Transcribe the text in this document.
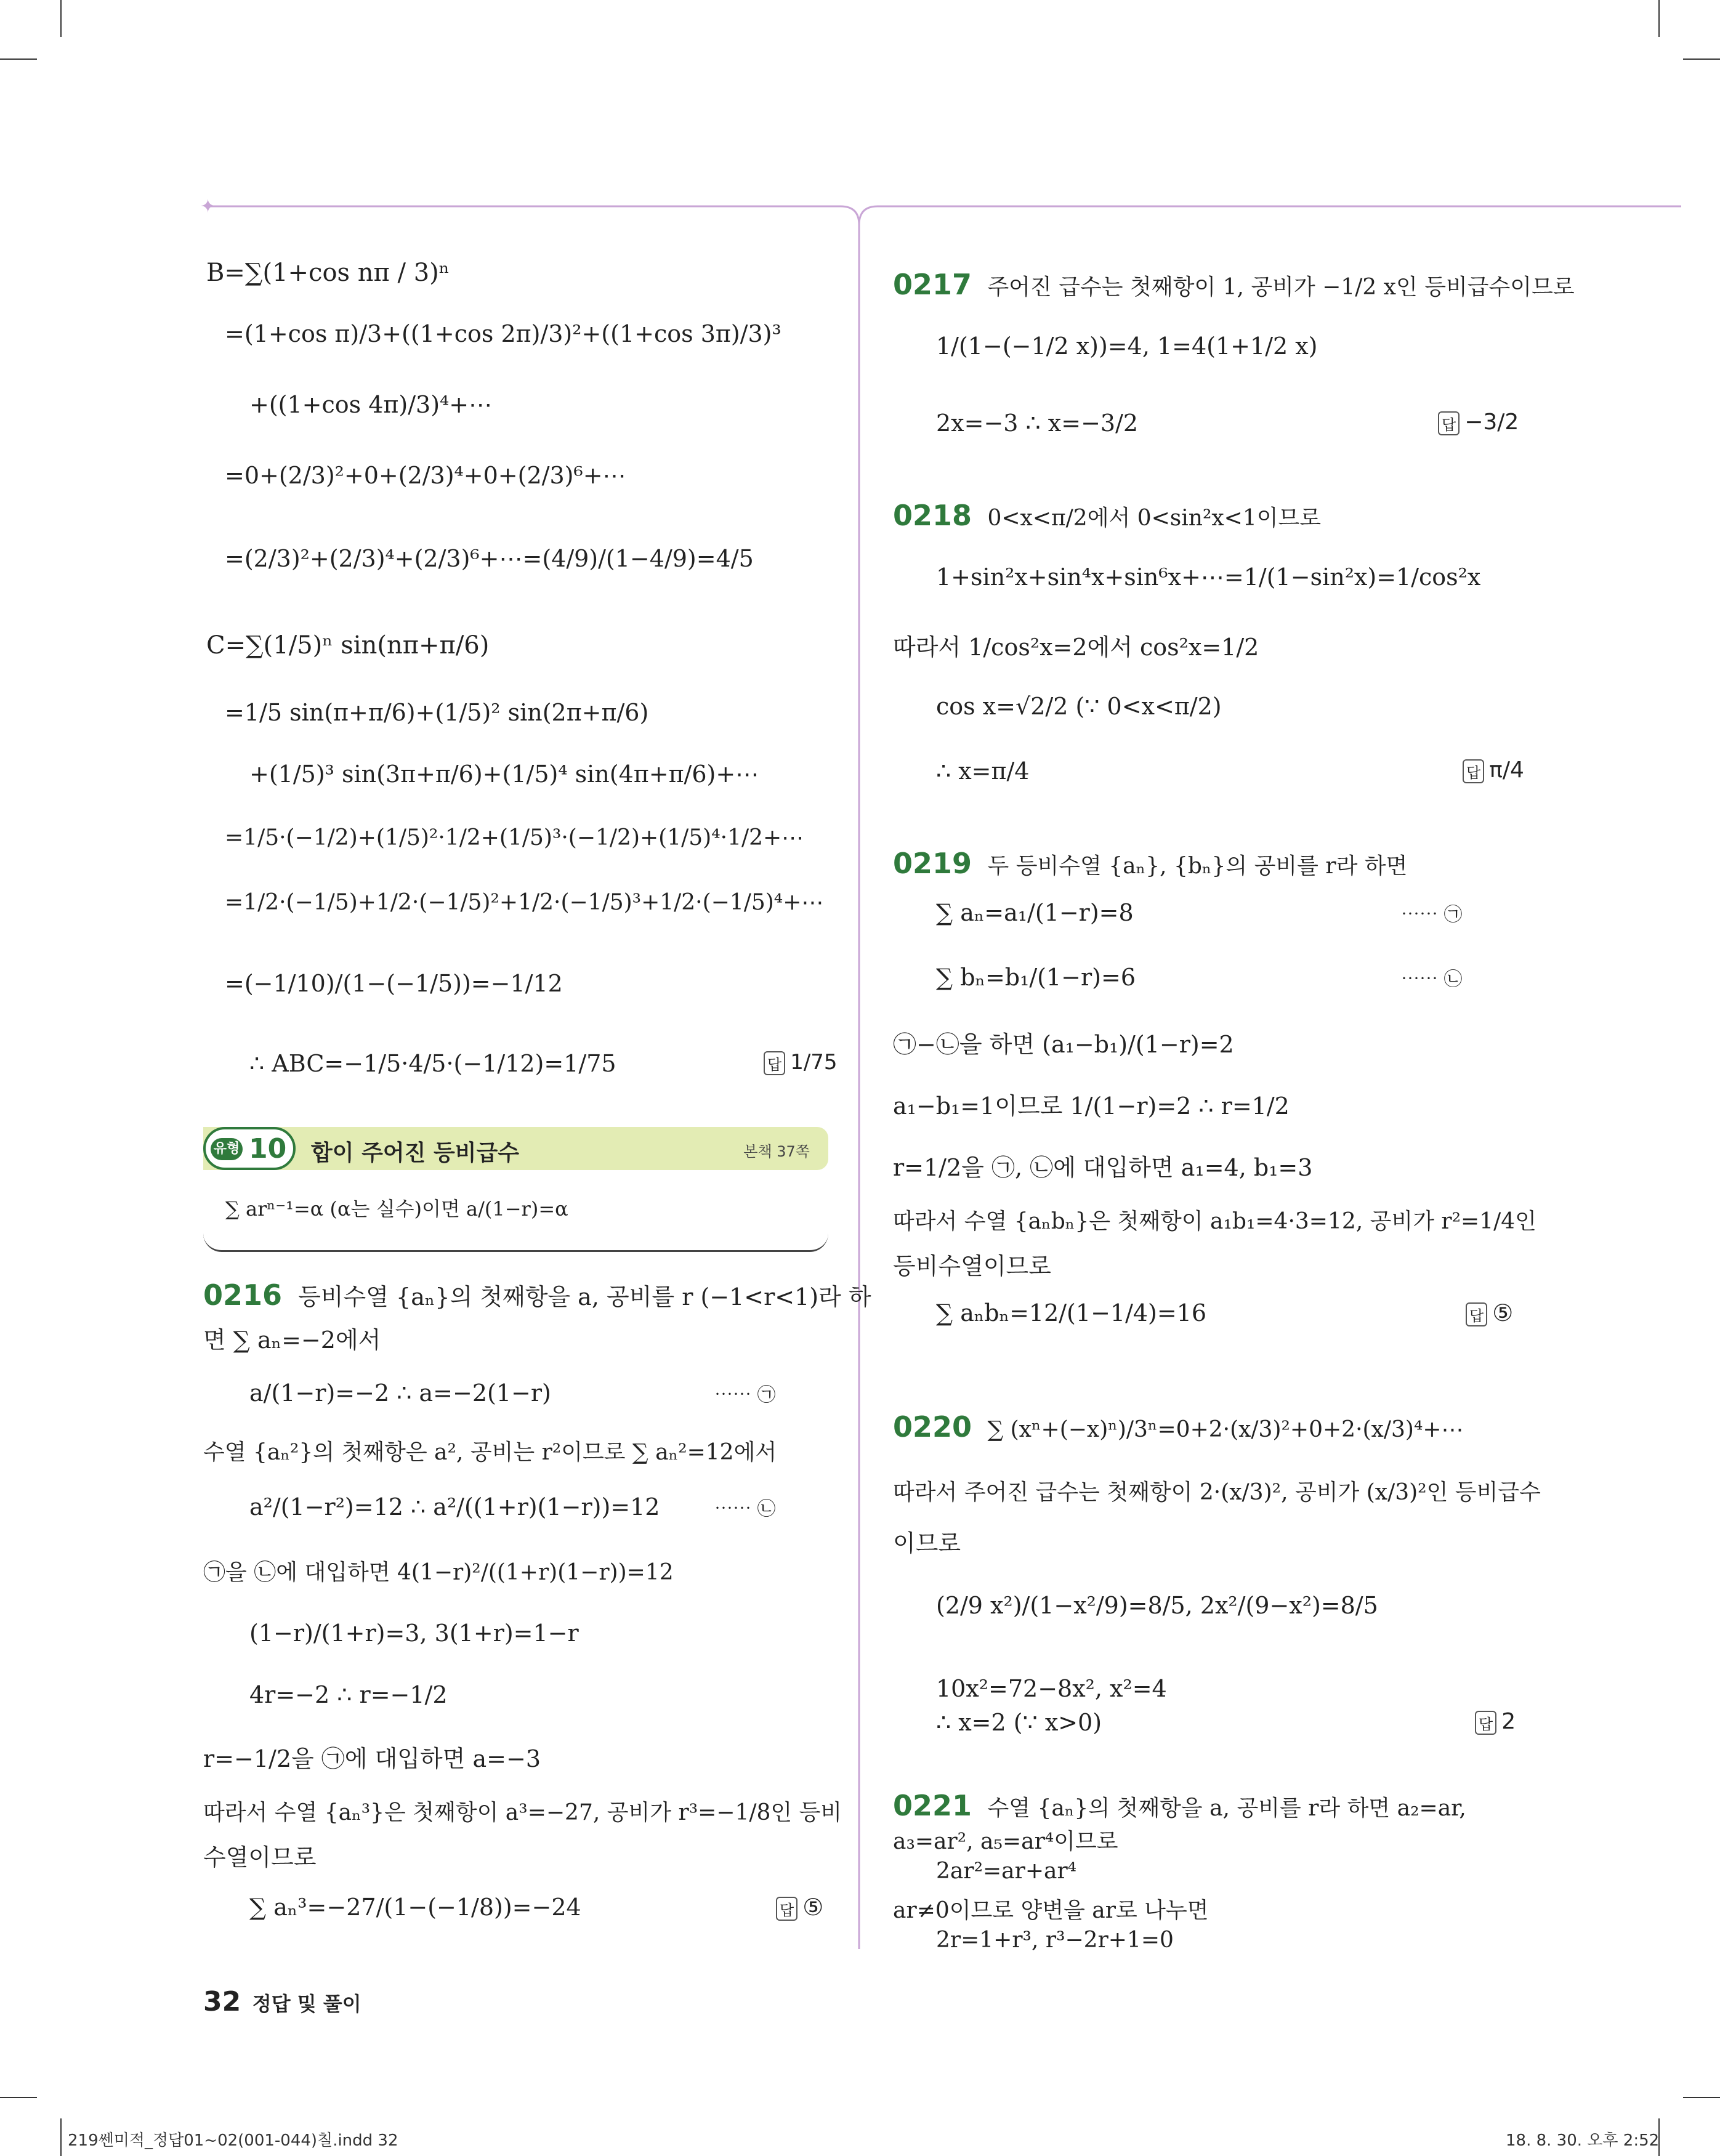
✦
B=∑(1+cos nπ / 3)ⁿ
=(1+cos π)/3+((1+cos 2π)/3)²+((1+cos 3π)/3)³
+((1+cos 4π)/3)⁴+⋯
=0+(2/3)²+0+(2/3)⁴+0+(2/3)⁶+⋯
=(2/3)²+(2/3)⁴+(2/3)⁶+⋯=(4/9)/(1−4/9)=4/5
C=∑(1/5)ⁿ sin(nπ+π/6)
=1/5 sin(π+π/6)+(1/5)² sin(2π+π/6)
+(1/5)³ sin(3π+π/6)+(1/5)⁴ sin(4π+π/6)+⋯
=1/5·(−1/2)+(1/5)²·1/2+(1/5)³·(−1/2)+(1/5)⁴·1/2+⋯
=1/2·(−1/5)+1/2·(−1/5)²+1/2·(−1/5)³+1/2·(−1/5)⁴+⋯
=(−1/10)/(1−(−1/5))=−1/12
∴ ABC=−1/5·4/5·(−1/12)=1/75	답 1/75
유형 10 합이 주어진 등비급수	본책 37쪽
∑ arⁿ⁻¹=α (α는 실수)이면 a/(1−r)=α
0216 등비수열 {aₙ}의 첫째항을 a, 공비를 r (−1<r<1)라 하
면 ∑ aₙ=−2에서
a/(1−r)=−2 ∴ a=−2(1−r)	⋯⋯ ㉠
수열 {aₙ²}의 첫째항은 a², 공비는 r²이므로 ∑ aₙ²=12에서
a²/(1−r²)=12 ∴ a²/((1+r)(1−r))=12	⋯⋯ ㉡
㉠을 ㉡에 대입하면 4(1−r)²/((1+r)(1−r))=12
(1−r)/(1+r)=3, 3(1+r)=1−r
4r=−2 ∴ r=−1/2
r=−1/2을 ㉠에 대입하면 a=−3
따라서 수열 {aₙ³}은 첫째항이 a³=−27, 공비가 r³=−1/8인 등비
수열이므로
∑ aₙ³=−27/(1−(−1/8))=−24	답 ⑤
0217 주어진 급수는 첫째항이 1, 공비가 −1/2 x인 등비급수이므로
1/(1−(−1/2 x))=4, 1=4(1+1/2 x)
2x=−3 ∴ x=−3/2	답 −3/2
0218 0<x<π/2에서 0<sin²x<1이므로
1+sin²x+sin⁴x+sin⁶x+⋯=1/(1−sin²x)=1/cos²x
따라서 1/cos²x=2에서 cos²x=1/2
cos x=√2/2 (∵ 0<x<π/2)
∴ x=π/4	답 π/4
0219 두 등비수열 {aₙ}, {bₙ}의 공비를 r라 하면
∑ aₙ=a₁/(1−r)=8	⋯⋯ ㉠
∑ bₙ=b₁/(1−r)=6	⋯⋯ ㉡
㉠−㉡을 하면 (a₁−b₁)/(1−r)=2
a₁−b₁=1이므로 1/(1−r)=2 ∴ r=1/2
r=1/2을 ㉠, ㉡에 대입하면 a₁=4, b₁=3
따라서 수열 {aₙbₙ}은 첫째항이 a₁b₁=4·3=12, 공비가 r²=1/4인
등비수열이므로
∑ aₙbₙ=12/(1−1/4)=16	답 ⑤
0220 ∑ (xⁿ+(−x)ⁿ)/3ⁿ=0+2·(x/3)²+0+2·(x/3)⁴+⋯
따라서 주어진 급수는 첫째항이 2·(x/3)², 공비가 (x/3)²인 등비급수
이므로
(2/9 x²)/(1−x²/9)=8/5, 2x²/(9−x²)=8/5
10x²=72−8x², x²=4
∴ x=2 (∵ x>0)	답 2
0221 수열 {aₙ}의 첫째항을 a, 공비를 r라 하면 a₂=ar,
a₃=ar², a₅=ar⁴이므로
2ar²=ar+ar⁴
ar≠0이므로 양변을 ar로 나누면
2r=1+r³, r³−2r+1=0
32 정답 및 풀이
219쎈미적_정답01~02(001-044)칠.indd 32	18. 8. 30. 오후 2:52
